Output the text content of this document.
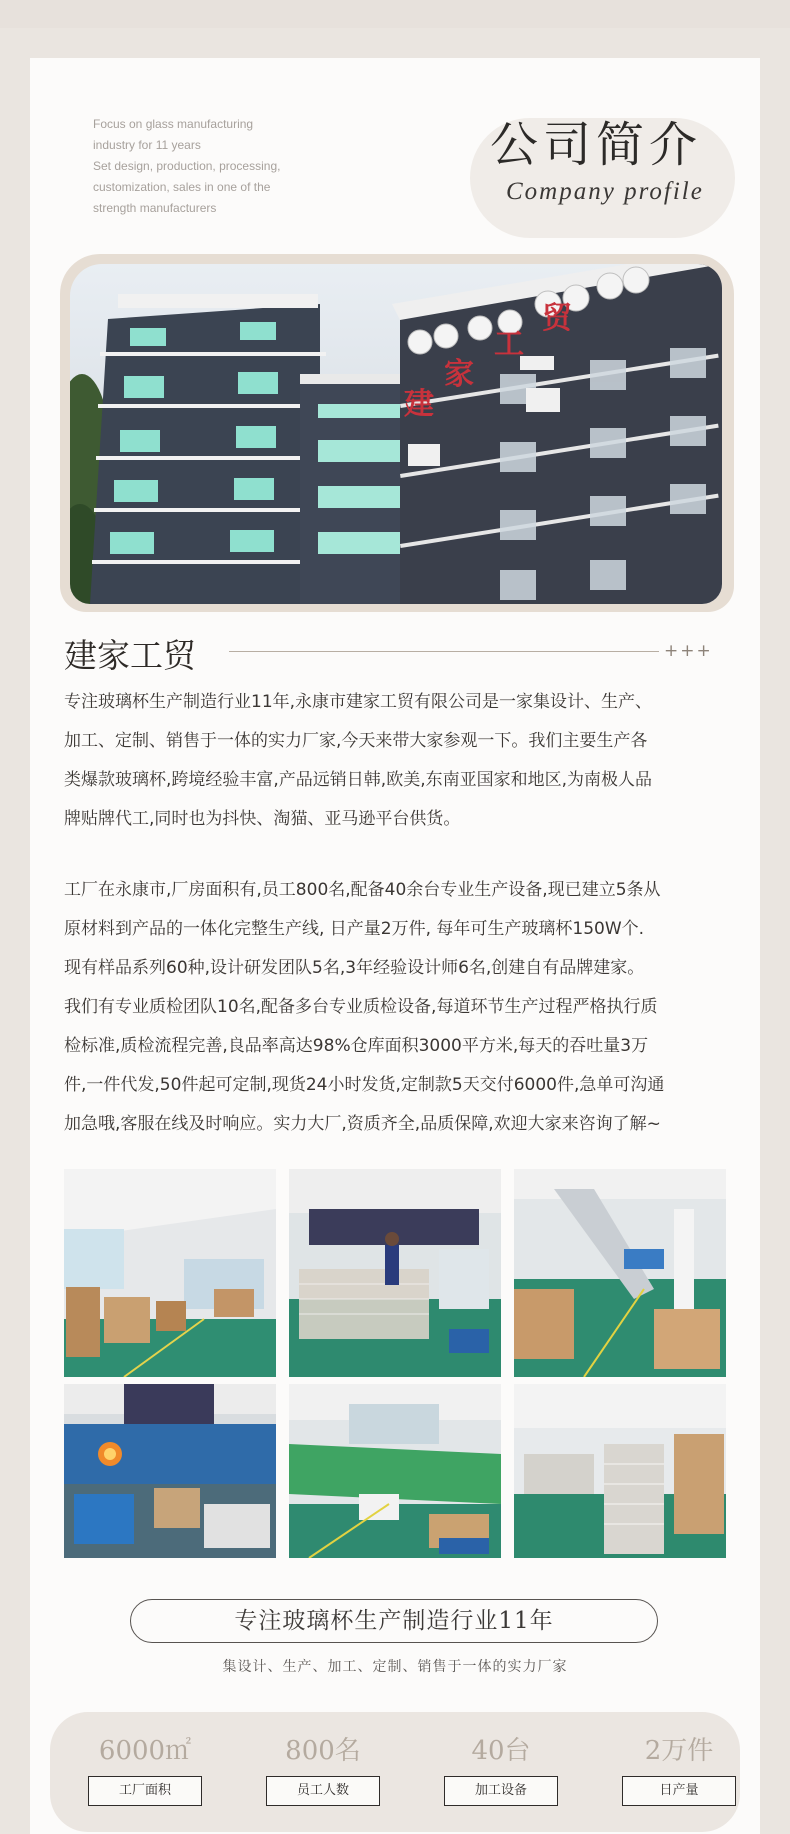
Focus on glass manufacturing
industry for 11 years
Set design, production, processing,
customization, sales in one of the
strength manufacturers
公司简介
Company profile
建
家
工
贸
建家工贸	+++
专注玻璃杯生产制造行业11年,永康市建家工贸有限公司是一家集设计、生产、
加工、定制、销售于一体的实力厂家,今天来带大家参观一下。我们主要生产各
类爆款玻璃杯,跨境经验丰富,产品远销日韩,欧美,东南亚国家和地区,为南极人品
牌贴牌代工,同时也为抖快、淘猫、亚马逊平台供货。
工厂在永康市,厂房面积有,员工800名,配备40余台专业生产设备,现已建立5条从
原材料到产品的一体化完整生产线, 日产量2万件, 每年可生产玻璃杯150W个.
现有样品系列60种,设计研发团队5名,3年经验设计师6名,创建自有品牌建家。
我们有专业质检团队10名,配备多台专业质检设备,每道环节生产过程严格执行质
检标准,质检流程完善,良品率高达98%仓库面积3000平方米,每天的吞吐量3万
件,一件代发,50件起可定制,现货24小时发货,定制款5天交付6000件,急单可沟通
加急哦,客服在线及时响应。实力大厂,资质齐全,品质保障,欢迎大家来咨询了解~
专注玻璃杯生产制造行业11年
集设计、生产、加工、定制、销售于一体的实力厂家
6000㎡
工厂面积
800名
员工人数
40台
加工设备
2万件
日产量
